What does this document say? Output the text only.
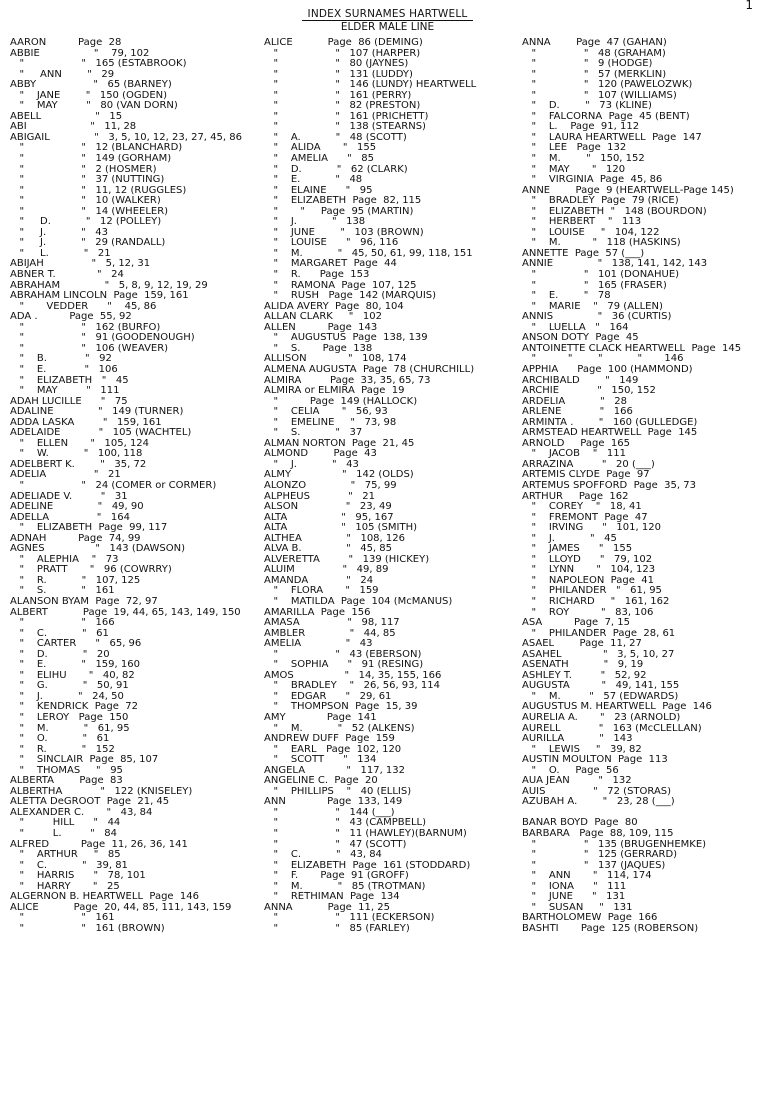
1
INDEX SURNAMES HARTWELL
ELDER MALE LINE
AARON          Page  28
ABBIE                 "    79, 102
"                  "   165 (ESTABROOK)
"     ANN        "   29
ABBY                  "   65 (BARNEY)
"    JANE        "   150 (OGDEN)
"    MAY         "   80 (VAN DORN)
ABELL                 "   15
ABI                    "   11, 28
ABIGAIL              "   3, 5, 10, 12, 23, 27, 45, 86
"                  "   12 (BLANCHARD)
"                  "   149 (GORHAM)
"                  "   2 (HOSMER)
"                  "   37 (NUTTING)
"                  "   11, 12 (RUGGLES)
"                  "   10 (WALKER)
"                  "   14 (WHEELER)
"     D.           "   12 (POLLEY)
"     J.           "   43
"     J.           "   29 (RANDALL)
"     L.           "   21
ABIJAH               "   5, 12, 31
ABNER T.             "   24
ABRAHAM              "   5, 8, 9, 12, 19, 29
ABRAHAM LINCOLN  Page  159, 161
"       VEDDER      "    45, 86
ADA .          Page  55, 92
"                  "   162 (BURFO)
"                  "   91 (GOODENOUGH)
"                  "   106 (WEAVER)
"    B.            "   92
"    E.            "   106
"    ELIZABETH   "   45
"    MAY         "   111
ADAH LUCILLE      "   75
ADALINE              "   149 (TURNER)
ADDA LASKA         "   159, 161
ADELAIDE            "   105 (WACHTEL)
"    ELLEN       "   105, 124
"    W.           "   100, 118
ADELBERT K.        "   35, 72
ADELIA               "   21
"                  "   24 (COMER or CORMER)
ADELIADE V.         "   31
ADELINE              "   49, 90
ADELLA               "   164
"    ELIZABETH  Page  99, 117
ADNAH          Page  74, 99
AGNES                "   143 (DAWSON)
"    ALEPHIA    "   73
"    PRATT       "   96 (COWRRY)
"    R.           "   107, 125
"    S.           "   161
ALANSON BYAM  Page  72, 97
ALBERT           Page  19, 44, 65, 143, 149, 150
"                  "   166
"    C.           "   61
"    CARTER      "   65, 96
"    D.           "   20
"    E.           "   159, 160
"    ELIHU       "   40, 82
"    G.           "   50, 91
"    J.           "   24, 50
"    KENDRICK  Page  72
"    LEROY   Page  150
"    M.           "   61, 95
"    O.           "   61
"    R.           "   152
"    SINCLAIR  Page  85, 107
"    THOMAS     "   95
ALBERTA        Page  83
ALBERTHA            "   122 (KNISELEY)
ALETTA DeGROOT  Page  21, 45
ALEXANDER C.       "   43, 84
"         HILL      "   44
"         L.         "   84
ALFRED          Page  11, 26, 36, 141
"    ARTHUR     "   85
"    C.           "   39, 81
"    HARRIS      "   78, 101
"    HARRY       "   25
ALGERNON B. HEARTWELL  Page  146
ALICE           Page  20, 44, 85, 111, 143, 159
"                  "   161
"                  "   161 (BROWN)
ALICE           Page  86 (DEMING)
"                  "   107 (HARPER)
"                  "   80 (JAYNES)
"                  "   131 (LUDDY)
"                  "   146 (LUNDY) HEARTWELL
"                  "   161 (PERRY)
"                  "   82 (PRESTON)
"                  "   161 (PRICHETT)
"                  "   138 (STEARNS)
"    A.           "   48 (SCOTT)
"    ALIDA       "   155
"    AMELIA      "   85
"    D.           "   62 (CLARK)
"    E.           "   48
"    ELAINE      "   95
"    ELIZABETH  Page  82, 115
"       "     Page  95 (MARTIN)
"    J.           "   138
"    JUNE        "   103 (BROWN)
"    LOUISE      "   96, 116
"    M.           "   45, 50, 61, 99, 118, 151
"    MARGARET  Page  44
"    R.      Page  153
"    RAMONA  Page  107, 125
"    RUSH   Page  142 (MARQUIS)
ALIDA AVERY  Page  80, 104
ALLAN CLARK     "   102
ALLEN          Page  143
"    AUGUSTUS  Page  138, 139
"    S.       Page  138
ALLISON             "   108, 174
ALMENA AUGUSTA  Page  78 (CHURCHILL)
ALMIRA         Page  33, 35, 65, 73
ALMIRA or ELMIRA  Page  19
"          Page  149 (HALLOCK)
"    CELIA       "   56, 93
"    EMELINE     "   73, 98
"    S.           "   37
ALMAN NORTON  Page  21, 45
ALMOND        Page  43
"    J.           "   43
ALMY                "   142 (OLDS)
ALONZO              "   75, 99
ALPHEUS            "   21
ALSON               "   23, 49
ALTA                 "   95, 167
ALTA                 "   105 (SMITH)
ALTHEA              "   108, 126
ALVA B.              "   45, 85
ALVERETTA         "   139 (HICKEY)
ALUIM               "   49, 89
AMANDA            "   24
"    FLORA       "   159
"    MATILDA  Page  104 (McMANUS)
AMARILLA  Page  156
AMASA               "   98, 117
AMBLER              "   44, 85
AMELIA              "   43
"                  "   43 (EBERSON)
"    SOPHIA      "   91 (RESING)
AMOS                "   14, 35, 155, 166
"    BRADLEY    "   26, 56, 93, 114
"    EDGAR      "   29, 61
"    THOMPSON  Page  15, 39
AMY             Page  141
"    M.           "   52 (ALKENS)
ANDREW DUFF  Page  159
"    EARL   Page  102, 120
"    SCOTT      "   134
ANGELA             "   117, 132
ANGELINE C.  Page  20
"    PHILLIPS    "   40 (ELLIS)
ANN             Page  133, 149
"                  "   144 (___)
"                  "   43 (CAMPBELL)
"                  "   11 (HAWLEY)(BARNUM)
"                  "   47 (SCOTT)
"    C.           "   43, 84
"    ELIZABETH  Page  161 (STODDARD)
"    F.       Page  91 (GROFF)
"    M.           "   85 (TROTMAN)
"    RETHIMAN  Page  134
ANNA           Page  11, 25
"                  "   111 (ECKERSON)
"                  "   85 (FARLEY)
ANNA        Page  47 (GAHAN)
"               "   48 (GRAHAM)
"               "   9 (HODGE)
"               "   57 (MERKLIN)
"               "   120 (PAWELOZWK)
"               "   107 (WILLIAMS)
"    D.        "   73 (KLINE)
"    FALCORNA  Page  45 (BENT)
"    L.    Page  91, 112
"    LAURA HEARTWELL  Page  147
"    LEE   Page  132
"    M.        "   150, 152
"    MAY       "   120
"    VIRGINIA  Page  45, 86
ANNE        Page  9 (HEARTWELL-Page 145)
"    BRADLEY  Page  79 (RICE)
"    ELIZABETH  "   148 (BOURDON)
"    HERBERT    "   113
"    LOUISE     "   104, 122
"    M.          "   118 (HASKINS)
ANNETTE  Page  57 (___)
ANNIE              "   138, 141, 142, 143
"               "   101 (DONAHUE)
"               "   165 (FRASER)
"    E.        "   78
"    MARIE    "   79 (ALLEN)
ANNIS              "   36 (CURTIS)
"    LUELLA   "   164
ANSON DOTY  Page  45
ANTOINETTE CLACK HEARTWELL  Page  145
"          "        "           "       146
APPHIA      Page  100 (HAMMOND)
ARCHIBALD        "   149
ARCHIE            "   150, 152
ARDELIA           "   28
ARLENE            "   166
ARMINTA .        "   160 (GULLEDGE)
ARMSTEAD HEARTWELL  Page  145
ARNOLD     Page  165
"    JACOB    "   111
ARRAZINA         "   20 (___)
ARTEMIS CLYDE  Page  97
ARTEMUS SPOFFORD  Page  35, 73
ARTHUR     Page  162
"    COREY    "   18, 41
"    FREMONT  Page  47
"    IRVING      "   101, 120
"    J.           "   45
"    JAMES      "   155
"    LLOYD      "   79, 102
"    LYNN       "   104, 123
"    NAPOLEON  Page  41
"    PHILANDER   "   61, 95
"    RICHARD     "   161, 162
"    ROY          "   83, 106
ASA          Page  7, 15
"    PHILANDER  Page  28, 61
ASAEL        Page  11, 27
ASAHEL             "   3, 5, 10, 27
ASENATH           "   9, 19
ASHLEY T.         "   52, 92
AUGUSTA          "   49, 141, 155
"    M.         "   57 (EDWARDS)
AUGUSTUS M. HEARTWELL  Page  146
AURELIA A.       "   23 (ARNOLD)
AURELL            "   163 (McCLELLAN)
AURILLA           "   143
"    LEWIS     "   39, 82
AUSTIN MOULTON  Page  113
"    O.     Page  56
AUA JEAN         "   132
AUIS               "   72 (STORAS)
AZUBAH A.        "   23, 28 (___)
BANAR BOYD  Page  80
BARBARA   Page  88, 109, 115
"               "   135 (BRUGENHEMKE)
"               "   125 (GERRARD)
"               "   137 (JAQUES)
"    ANN       "   114, 174
"    IONA      "   111
"    JUNE      "   131
"    SUSAN     "   131
BARTHOLOMEW  Page  166
BASHTI       Page  125 (ROBERSON)
